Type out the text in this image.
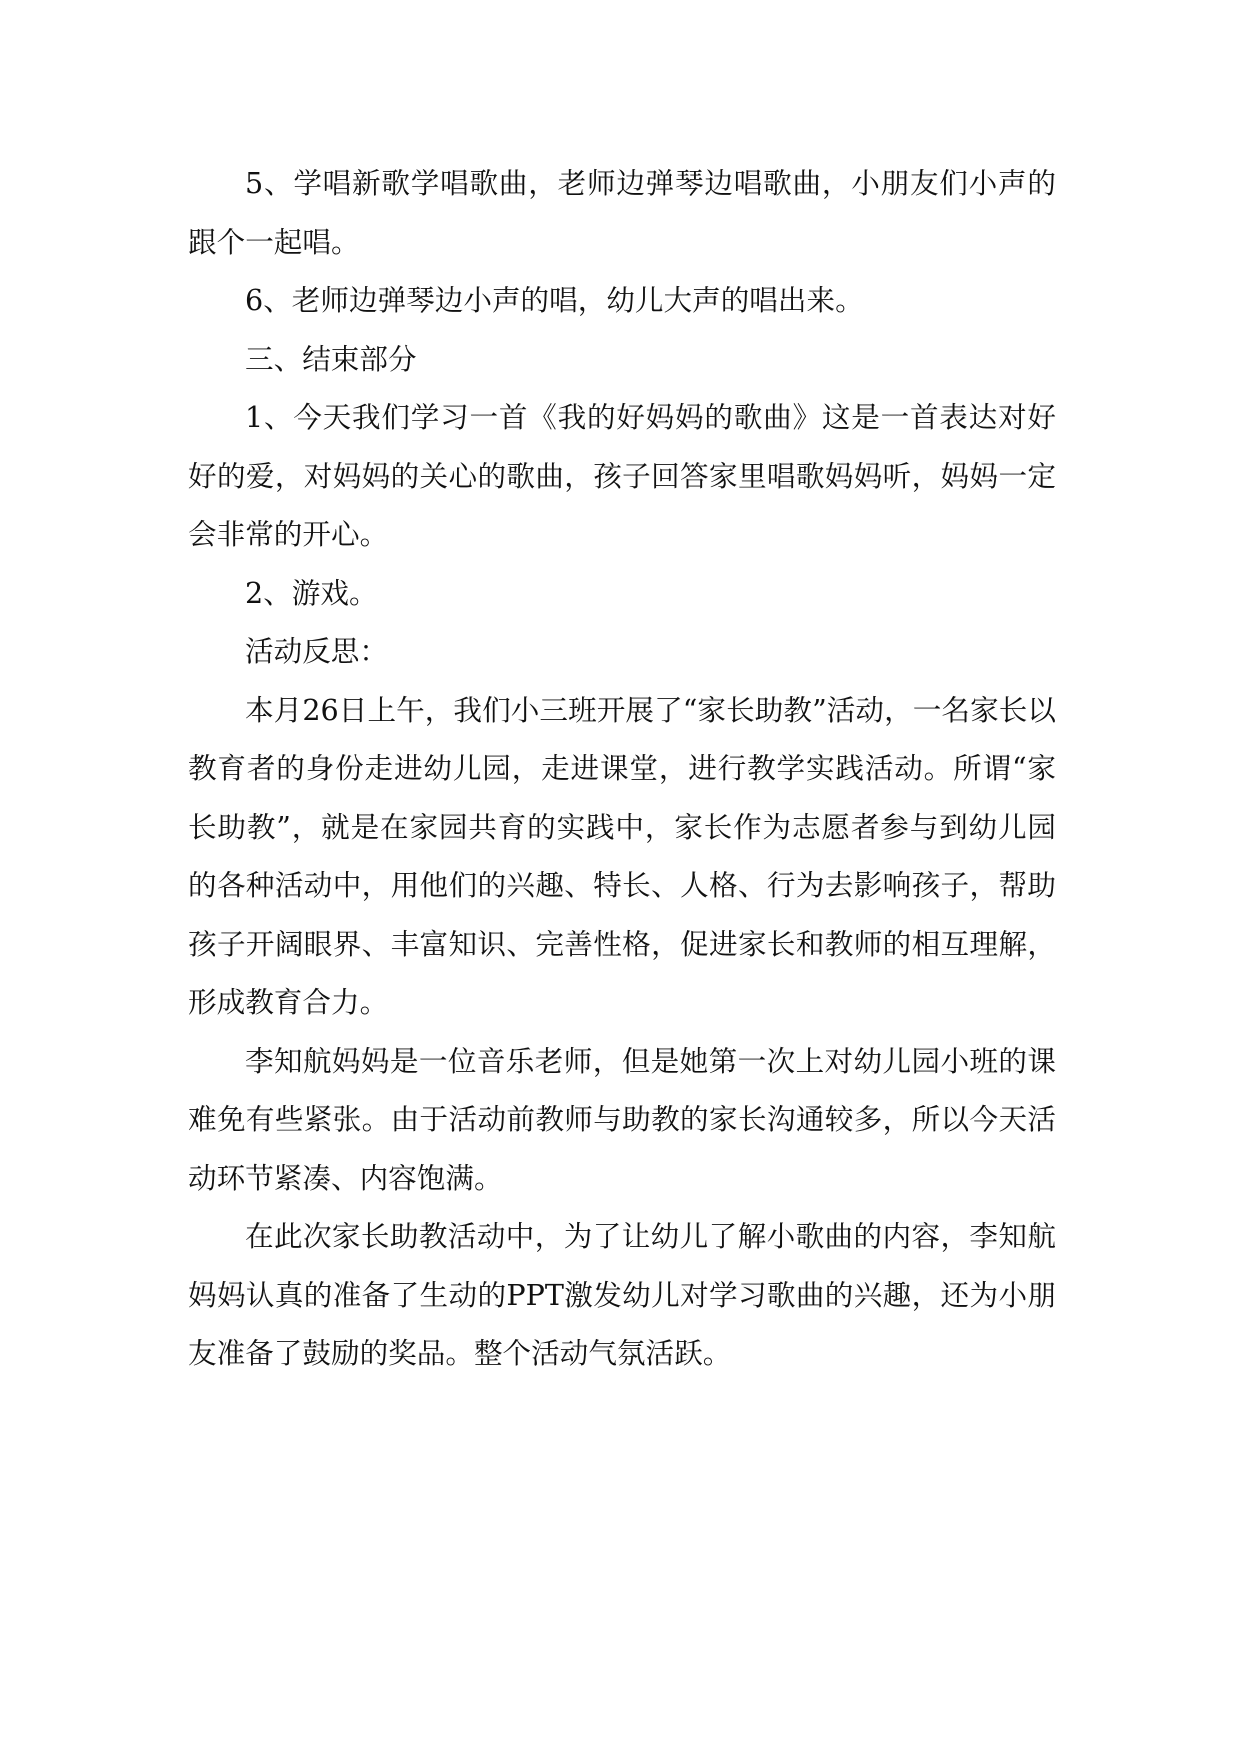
5、学唱新歌学唱歌曲，老师边弹琴边唱歌曲，小朋友们小声的跟个一起唱。

6、老师边弹琴边小声的唱，幼儿大声的唱出来。

三、结束部分

1、今天我们学习一首《我的好妈妈的歌曲》这是一首表达对好好的爱，对妈妈的关心的歌曲，孩子回答家里唱歌妈妈听，妈妈一定会非常的开心。

2、游戏。

活动反思：

本月26日上午，我们小三班开展了“家长助教”活动，一名家长以教育者的身份走进幼儿园，走进课堂，进行教学实践活动。所谓“家长助教”，就是在家园共育的实践中，家长作为志愿者参与到幼儿园的各种活动中，用他们的兴趣、特长、人格、行为去影响孩子，帮助孩子开阔眼界、丰富知识、完善性格，促进家长和教师的相互理解，形成教育合力。

李知航妈妈是一位音乐老师，但是她第一次上对幼儿园小班的课难免有些紧张。由于活动前教师与助教的家长沟通较多，所以今天活动环节紧凑、内容饱满。

在此次家长助教活动中，为了让幼儿了解小歌曲的内容，李知航妈妈认真的准备了生动的PPT激发幼儿对学习歌曲的兴趣，还为小朋友准备了鼓励的奖品。整个活动气氛活跃。
